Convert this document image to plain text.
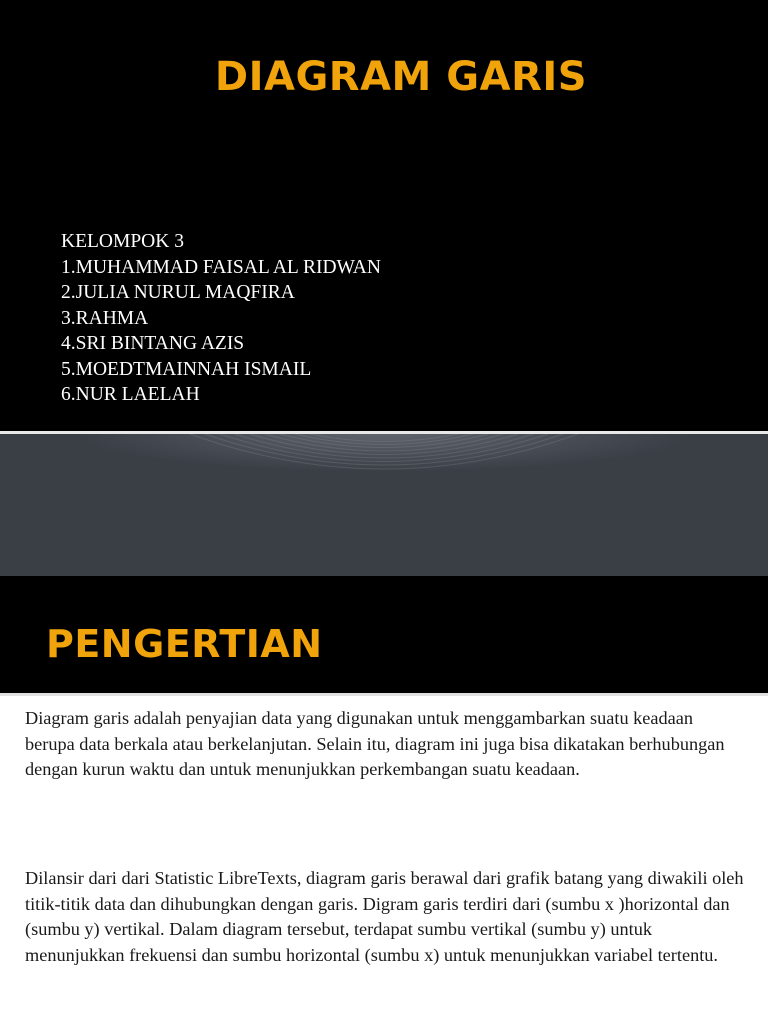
DIAGRAM GARIS
KELOMPOK 3
1.MUHAMMAD FAISAL AL RIDWAN
2.JULIA NURUL MAQFIRA
3.RAHMA
4.SRI BINTANG AZIS
5.MOEDTMAINNAH ISMAIL
6.NUR LAELAH
PENGERTIAN

Diagram garis adalah penyajian data yang digunakan untuk menggambarkan suatu keadaan berupa data berkala atau berkelanjutan. Selain itu, diagram ini juga bisa dikatakan berhubungan dengan kurun waktu dan untuk menunjukkan perkembangan suatu keadaan.

Dilansir dari dari Statistic LibreTexts, diagram garis berawal dari grafik batang yang diwakili oleh titik-titik data dan dihubungkan dengan garis. Digram garis terdiri dari (sumbu x )horizontal dan (sumbu y) vertikal. Dalam diagram tersebut, terdapat sumbu vertikal (sumbu y) untuk menunjukkan frekuensi dan sumbu horizontal (sumbu x) untuk menunjukkan variabel tertentu.
